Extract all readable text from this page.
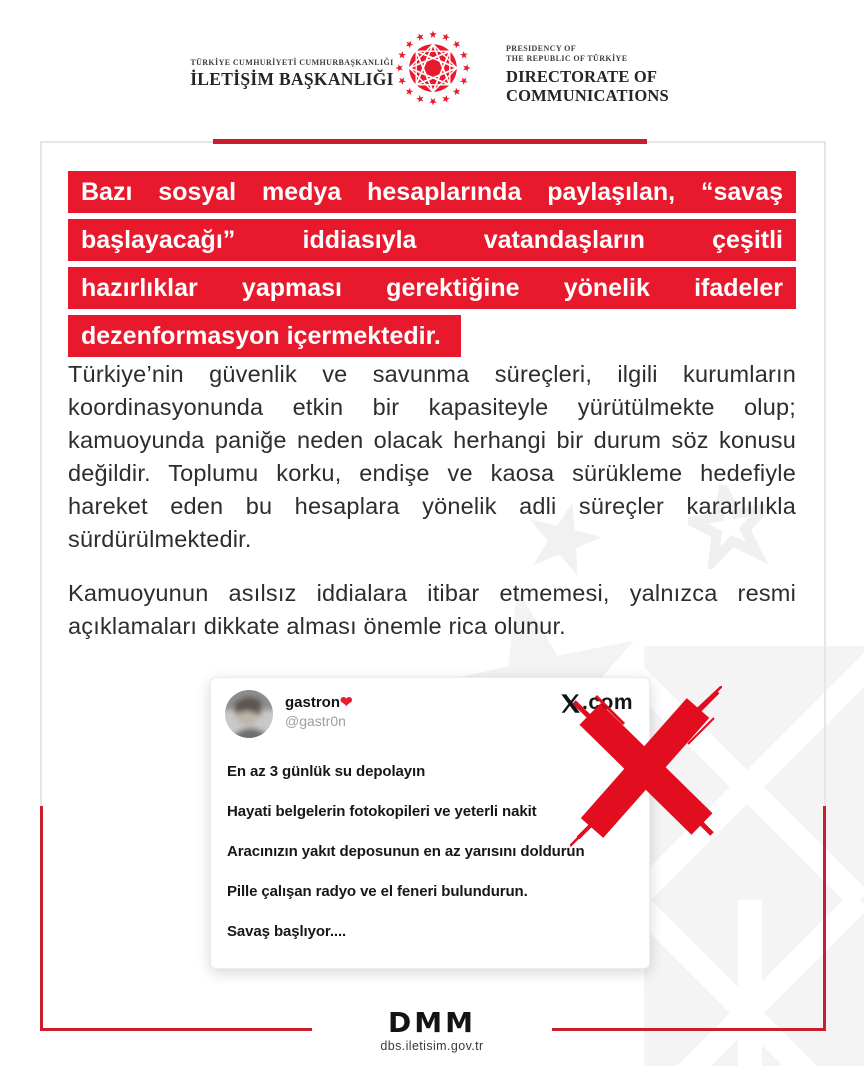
TÜRKİYE CUMHURİYETİ CUMHURBAŞKANLIĞI
İLETİŞİM BAŞKANLIĞI
PRESIDENCY OF
THE REPUBLIC OF TÜRKİYE
DIRECTORATE OF
COMMUNICATIONS
Bazı sosyal medya hesaplarında paylaşılan, “savaş
başlayacağı” iddiasıyla vatandaşların çeşitli
hazırlıklar yapması gerektiğine yönelik ifadeler
dezenformasyon içermektedir.
Türkiye’nin güvenlik ve savunma süreçleri, ilgili kurumların koordinasyonunda etkin bir kapasiteyle yürütülmekte olup; kamuoyunda paniğe neden olacak herhangi bir durum söz konusu değildir. Toplumu korku, endişe ve kaosa sürükleme hedefiyle hareket eden bu hesaplara yönelik adli süreçler kararlılıkla sürdürülmektedir.
Kamuoyunun asılsız iddialara itibar etmemesi, yalnızca resmi açıklamaları dikkate alması önemle rica olunur.
gastron❤
@gastr0n
.com
En az 3 günlük su depolayın
Hayati belgelerin fotokopileri ve yeterli nakit
Aracınızın yakıt deposunun en az yarısını doldurun
Pille çalışan radyo ve el feneri bulundurun.
Savaş başlıyor....
DMM
dbs.iletisim.gov.tr
